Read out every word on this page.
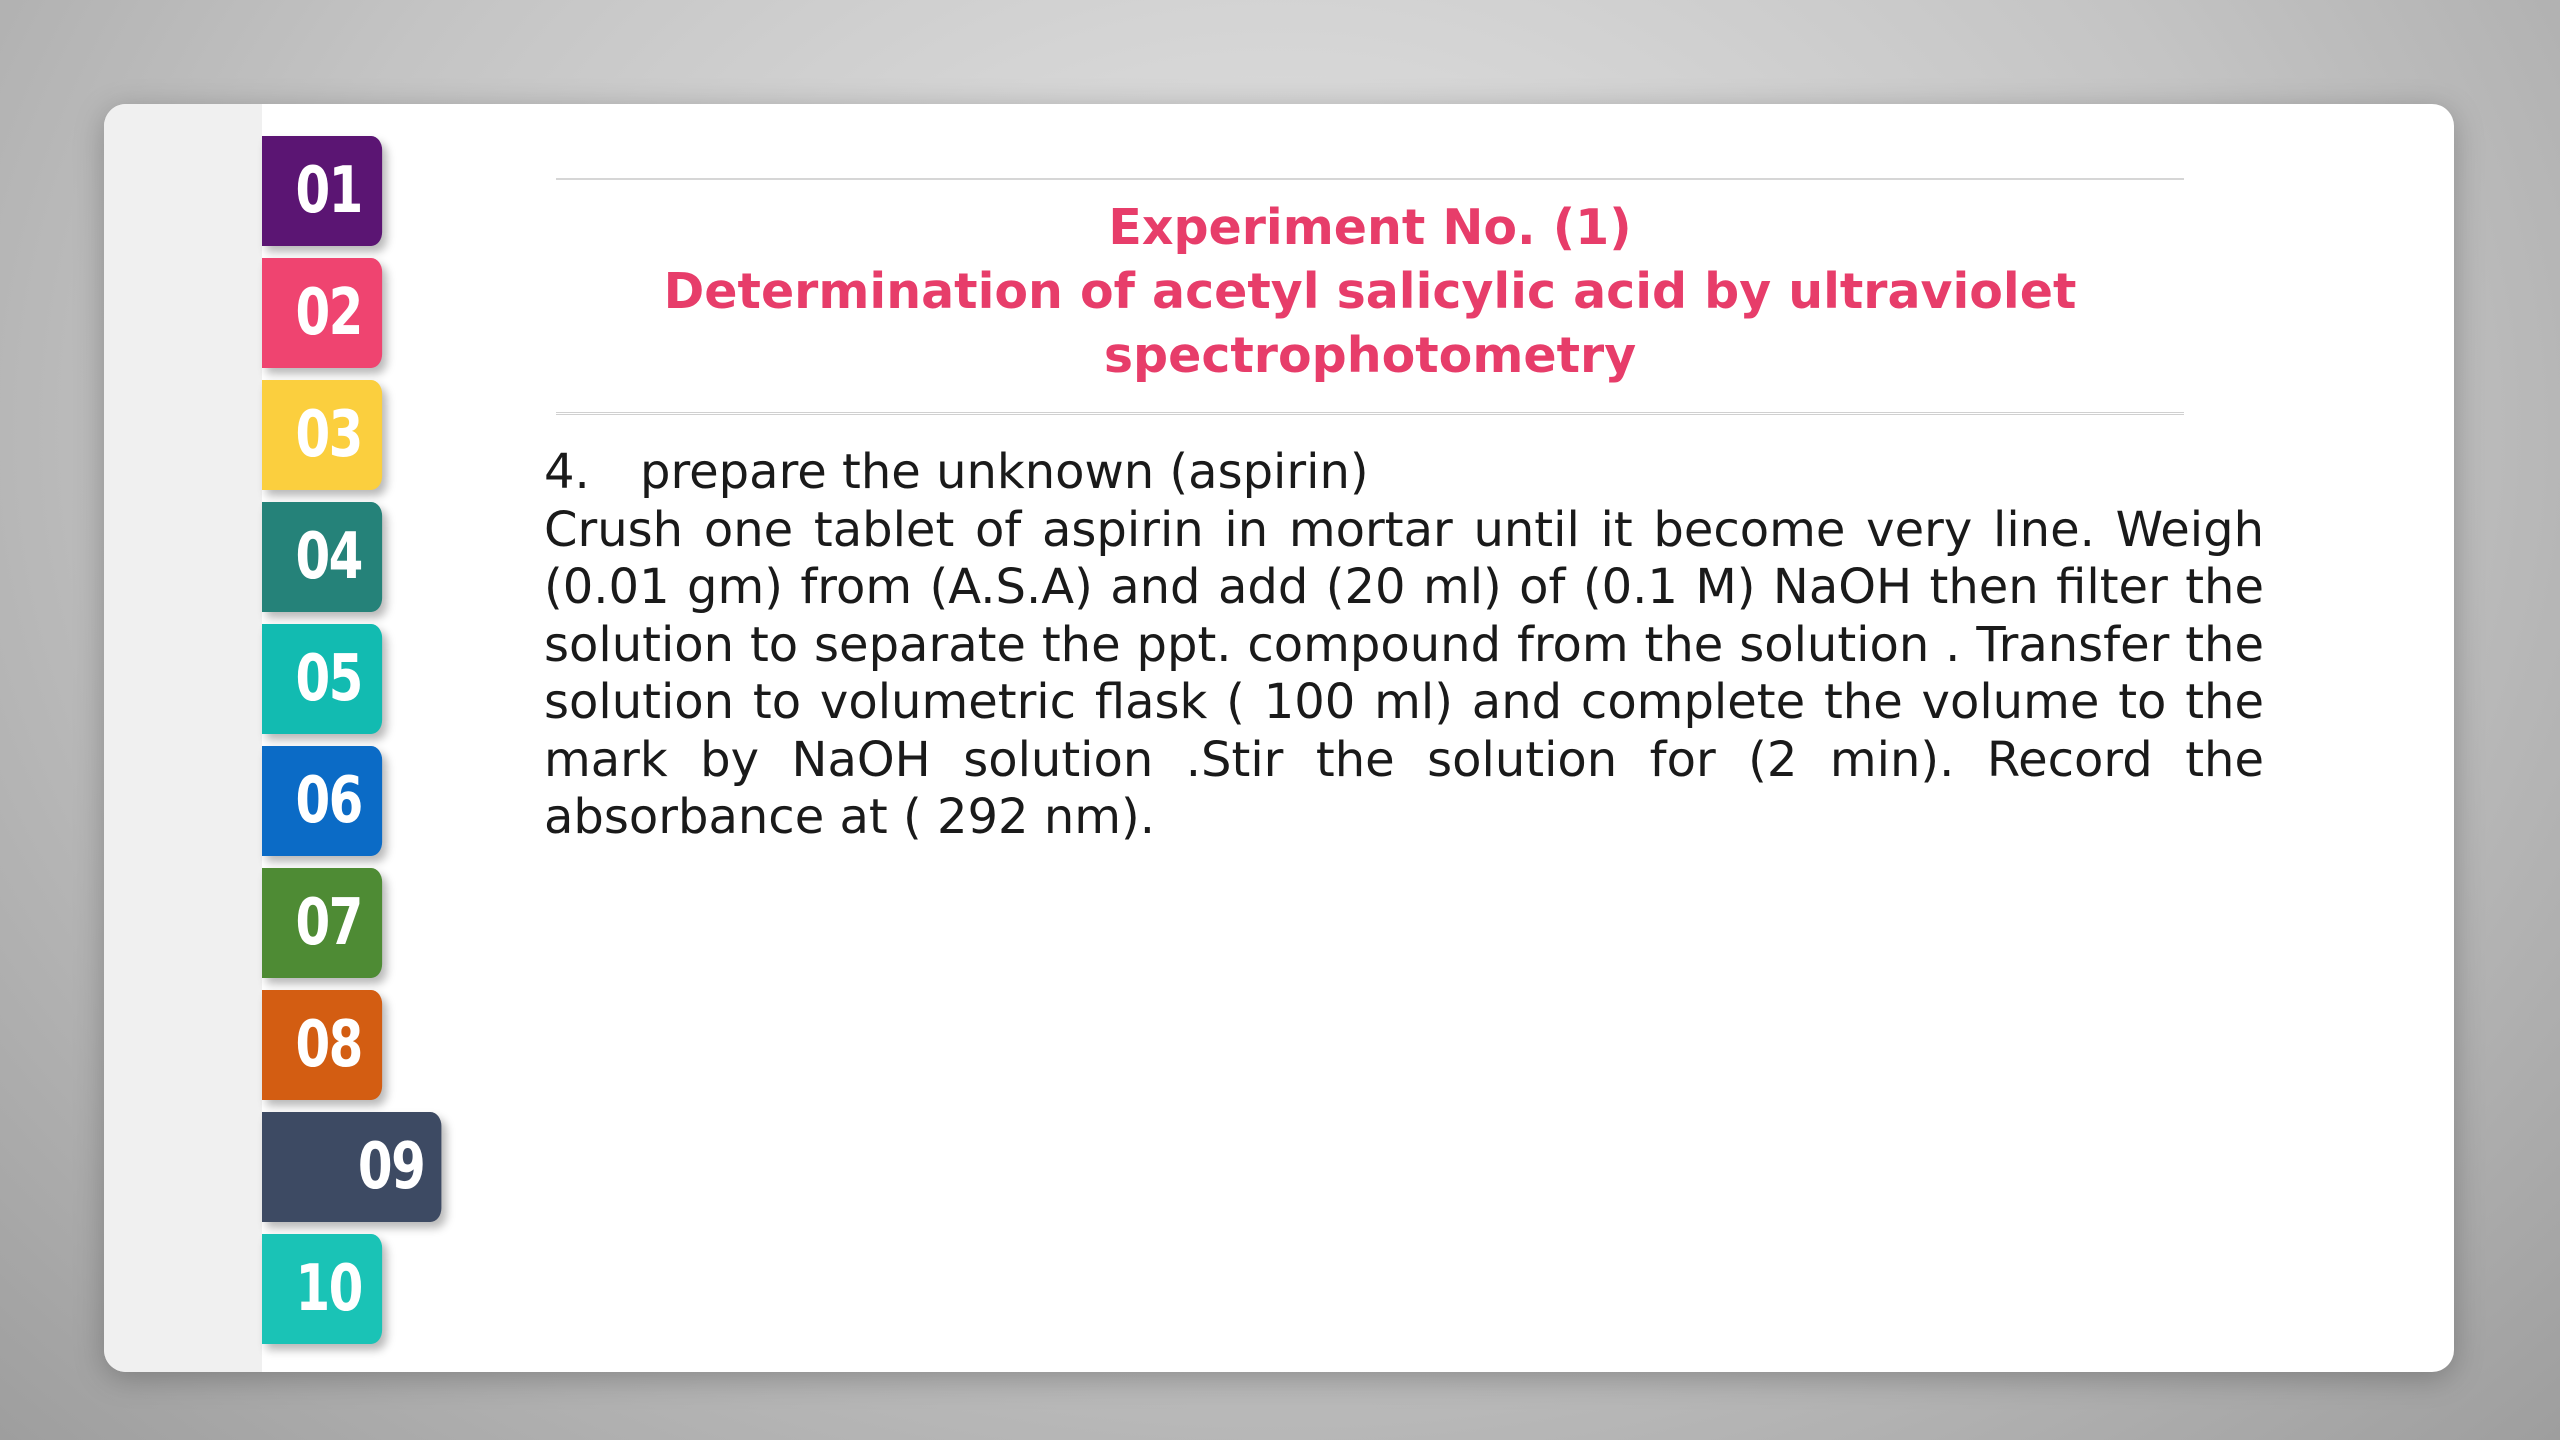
01
02
03
04
05
06
07
08
09
10
Experiment No. (1)
Determination of acetyl salicylic acid by ultraviolet
spectrophotometry
4. prepare the unknown (aspirin)
Crush one tablet of aspirin in mortar until it become very line. Weigh (0.01 gm) from (A.S.A) and add (20 ml) of (0.1 M) NaOH then filter the solution to separate the ppt. compound from the solution . Transfer the solution to volumetric flask ( 100 ml) and complete the volume to the mark by NaOH solution .Stir the solution for (2 min). Record the absorbance at ( 292 nm).
